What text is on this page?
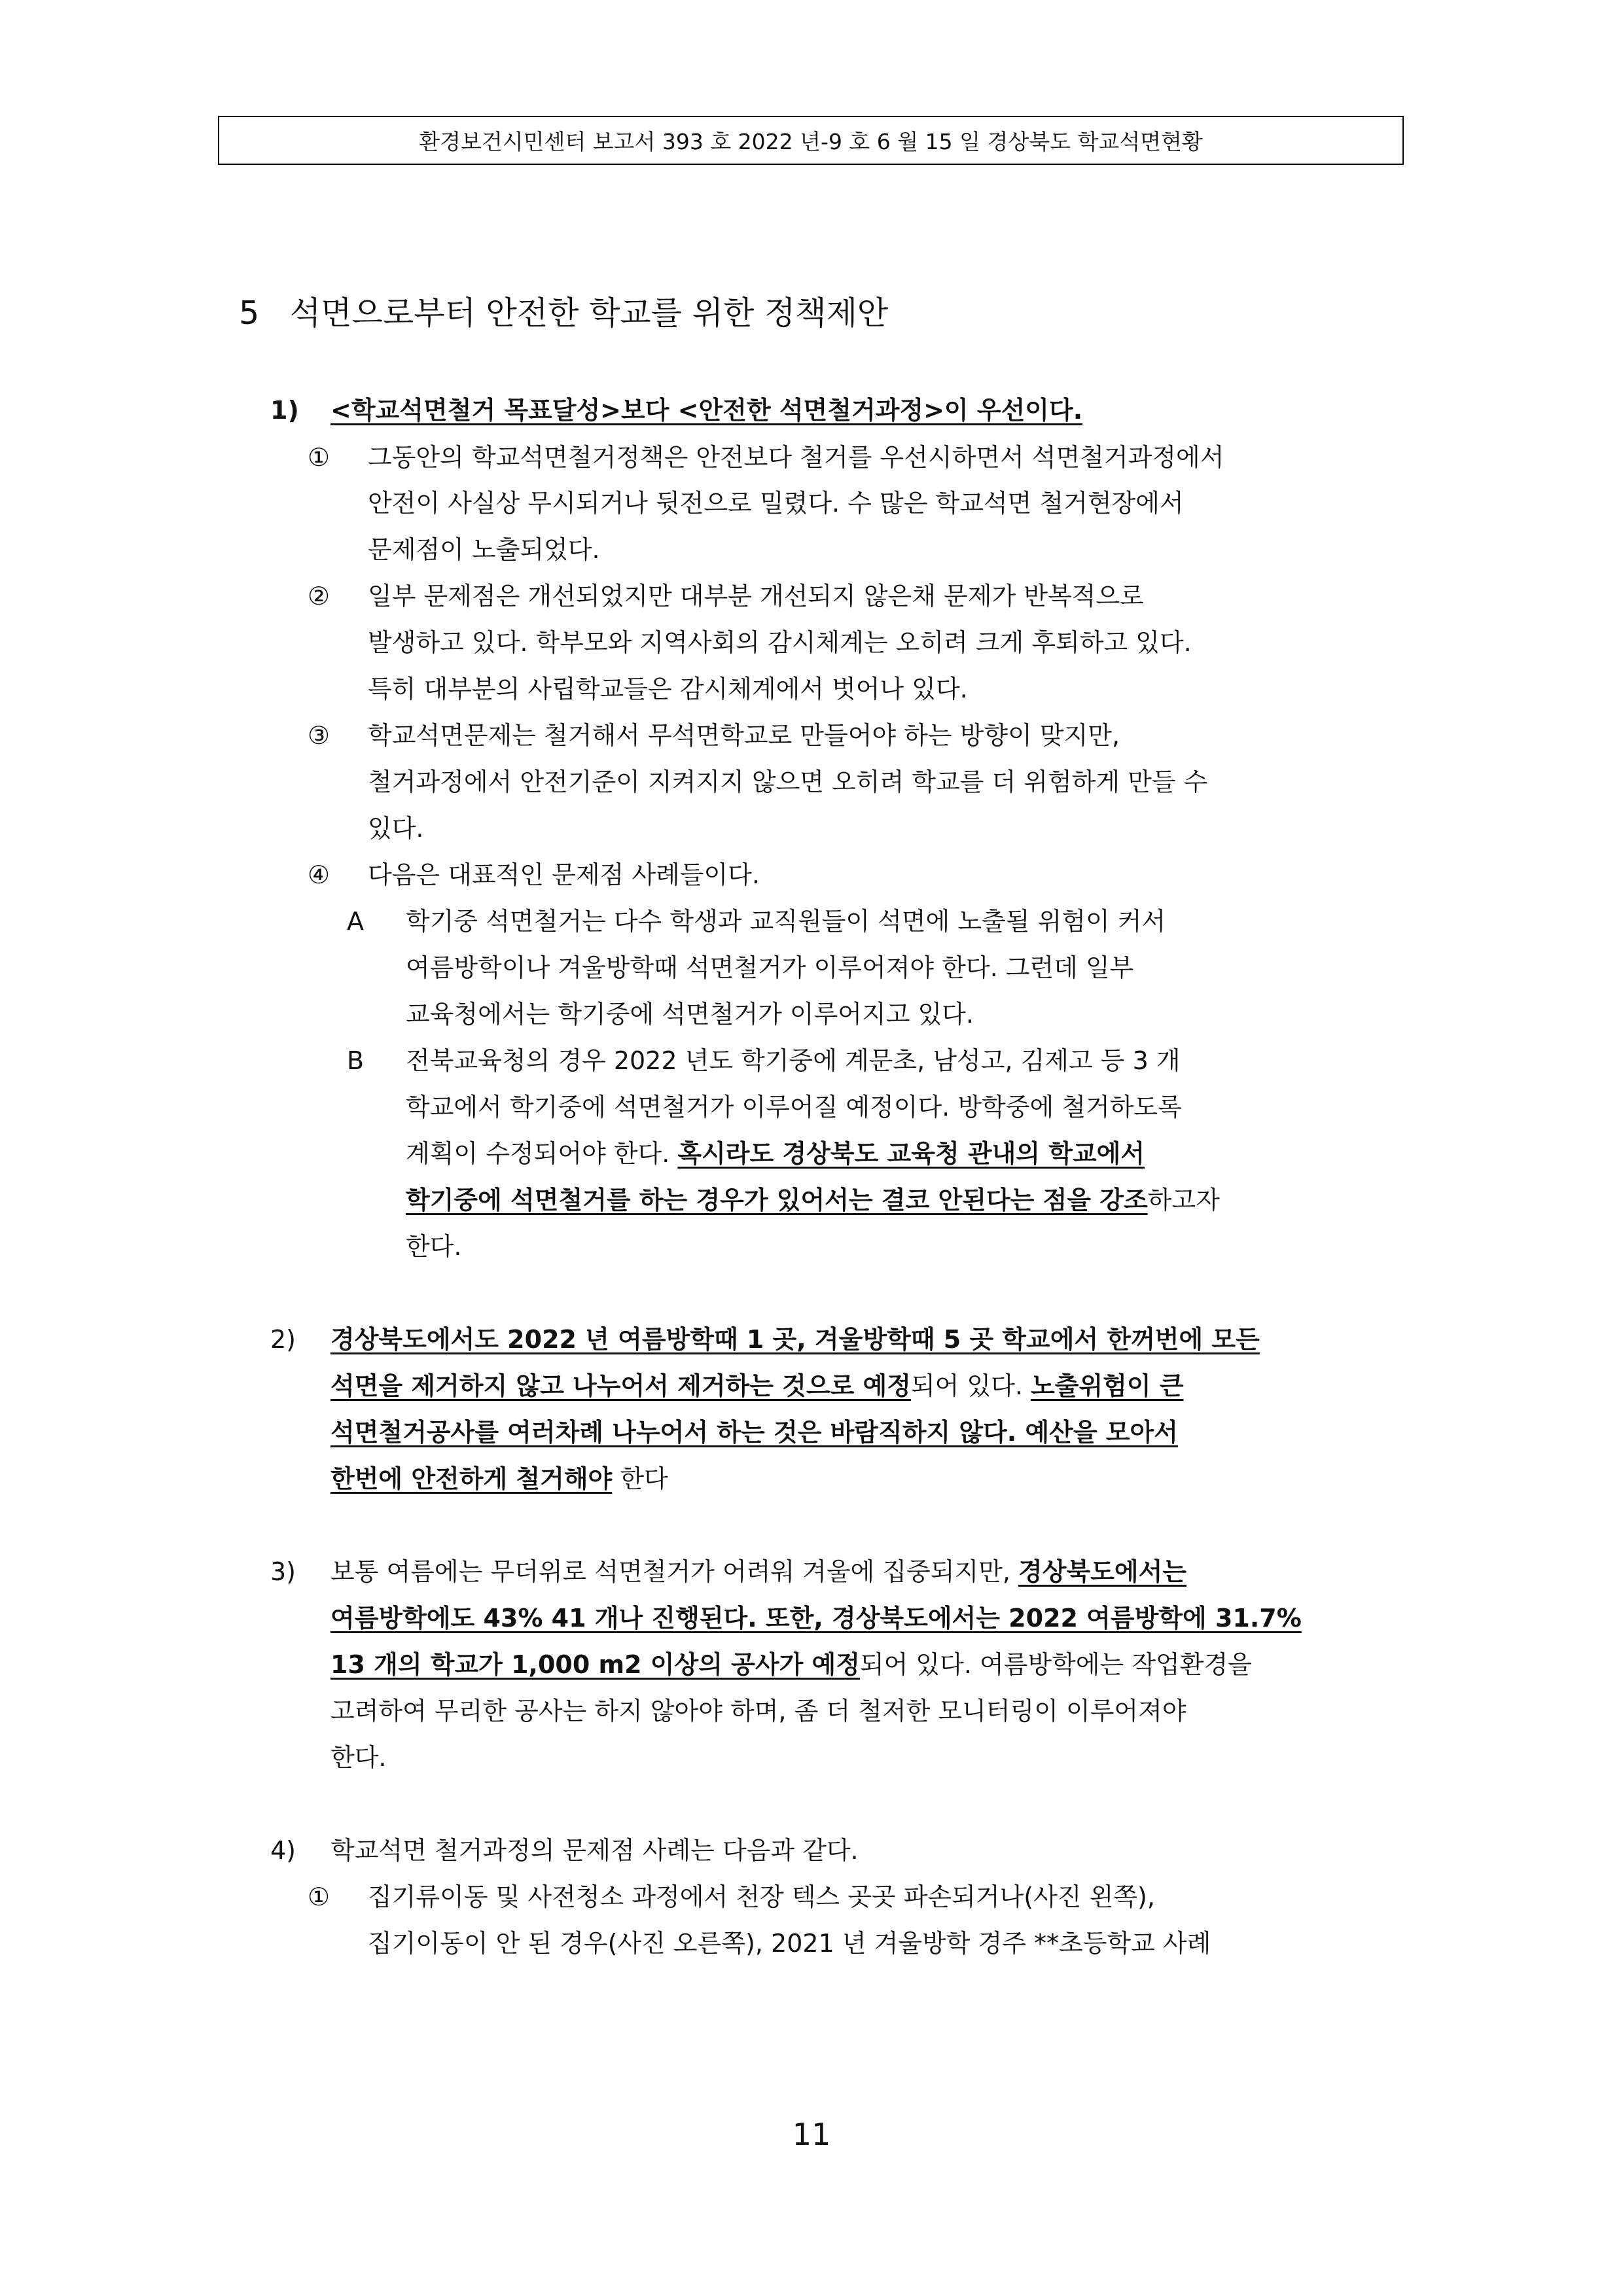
환경보건시민센터 보고서 393 호 2022 년-9 호 6 월 15 일 경상북도 학교석면현황
5 석면으로부터 안전한 학교를 위한 정책제안
1) <학교석면철거 목표달성>보다 <안전한 석면철거과정>이 우선이다.
① 그동안의 학교석면철거정책은 안전보다 철거를 우선시하면서 석면철거과정에서
안전이 사실상 무시되거나 뒷전으로 밀렸다. 수 많은 학교석면 철거현장에서
문제점이 노출되었다.
② 일부 문제점은 개선되었지만 대부분 개선되지 않은채 문제가 반복적으로
발생하고 있다. 학부모와 지역사회의 감시체계는 오히려 크게 후퇴하고 있다.
특히 대부분의 사립학교들은 감시체계에서 벗어나 있다.
③ 학교석면문제는 철거해서 무석면학교로 만들어야 하는 방향이 맞지만,
철거과정에서 안전기준이 지켜지지 않으면 오히려 학교를 더 위험하게 만들 수
있다.
④ 다음은 대표적인 문제점 사례들이다.
A 학기중 석면철거는 다수 학생과 교직원들이 석면에 노출될 위험이 커서
여름방학이나 겨울방학때 석면철거가 이루어져야 한다. 그런데 일부
교육청에서는 학기중에 석면철거가 이루어지고 있다.
B 전북교육청의 경우 2022 년도 학기중에 계문초, 남성고, 김제고 등 3 개
학교에서 학기중에 석면철거가 이루어질 예정이다. 방학중에 철거하도록
계획이 수정되어야 한다. 혹시라도 경상북도 교육청 관내의 학교에서
학기중에 석면철거를 하는 경우가 있어서는 결코 안된다는 점을 강조하고자
한다.
2) 경상북도에서도 2022 년 여름방학때 1 곳, 겨울방학때 5 곳 학교에서 한꺼번에 모든
석면을 제거하지 않고 나누어서 제거하는 것으로 예정되어 있다. 노출위험이 큰
석면철거공사를 여러차례 나누어서 하는 것은 바람직하지 않다. 예산을 모아서
한번에 안전하게 철거해야 한다
3) 보통 여름에는 무더위로 석면철거가 어려워 겨울에 집중되지만, 경상북도에서는
여름방학에도 43% 41 개나 진행된다. 또한, 경상북도에서는 2022 여름방학에 31.7%
13 개의 학교가 1,000 m2 이상의 공사가 예정되어 있다. 여름방학에는 작업환경을
고려하여 무리한 공사는 하지 않아야 하며, 좀 더 철저한 모니터링이 이루어져야
한다.
4) 학교석면 철거과정의 문제점 사례는 다음과 같다.
① 집기류이동 및 사전청소 과정에서 천장 텍스 곳곳 파손되거나(사진 왼쪽),
집기이동이 안 된 경우(사진 오른쪽), 2021 년 겨울방학 경주 **초등학교 사례
11
